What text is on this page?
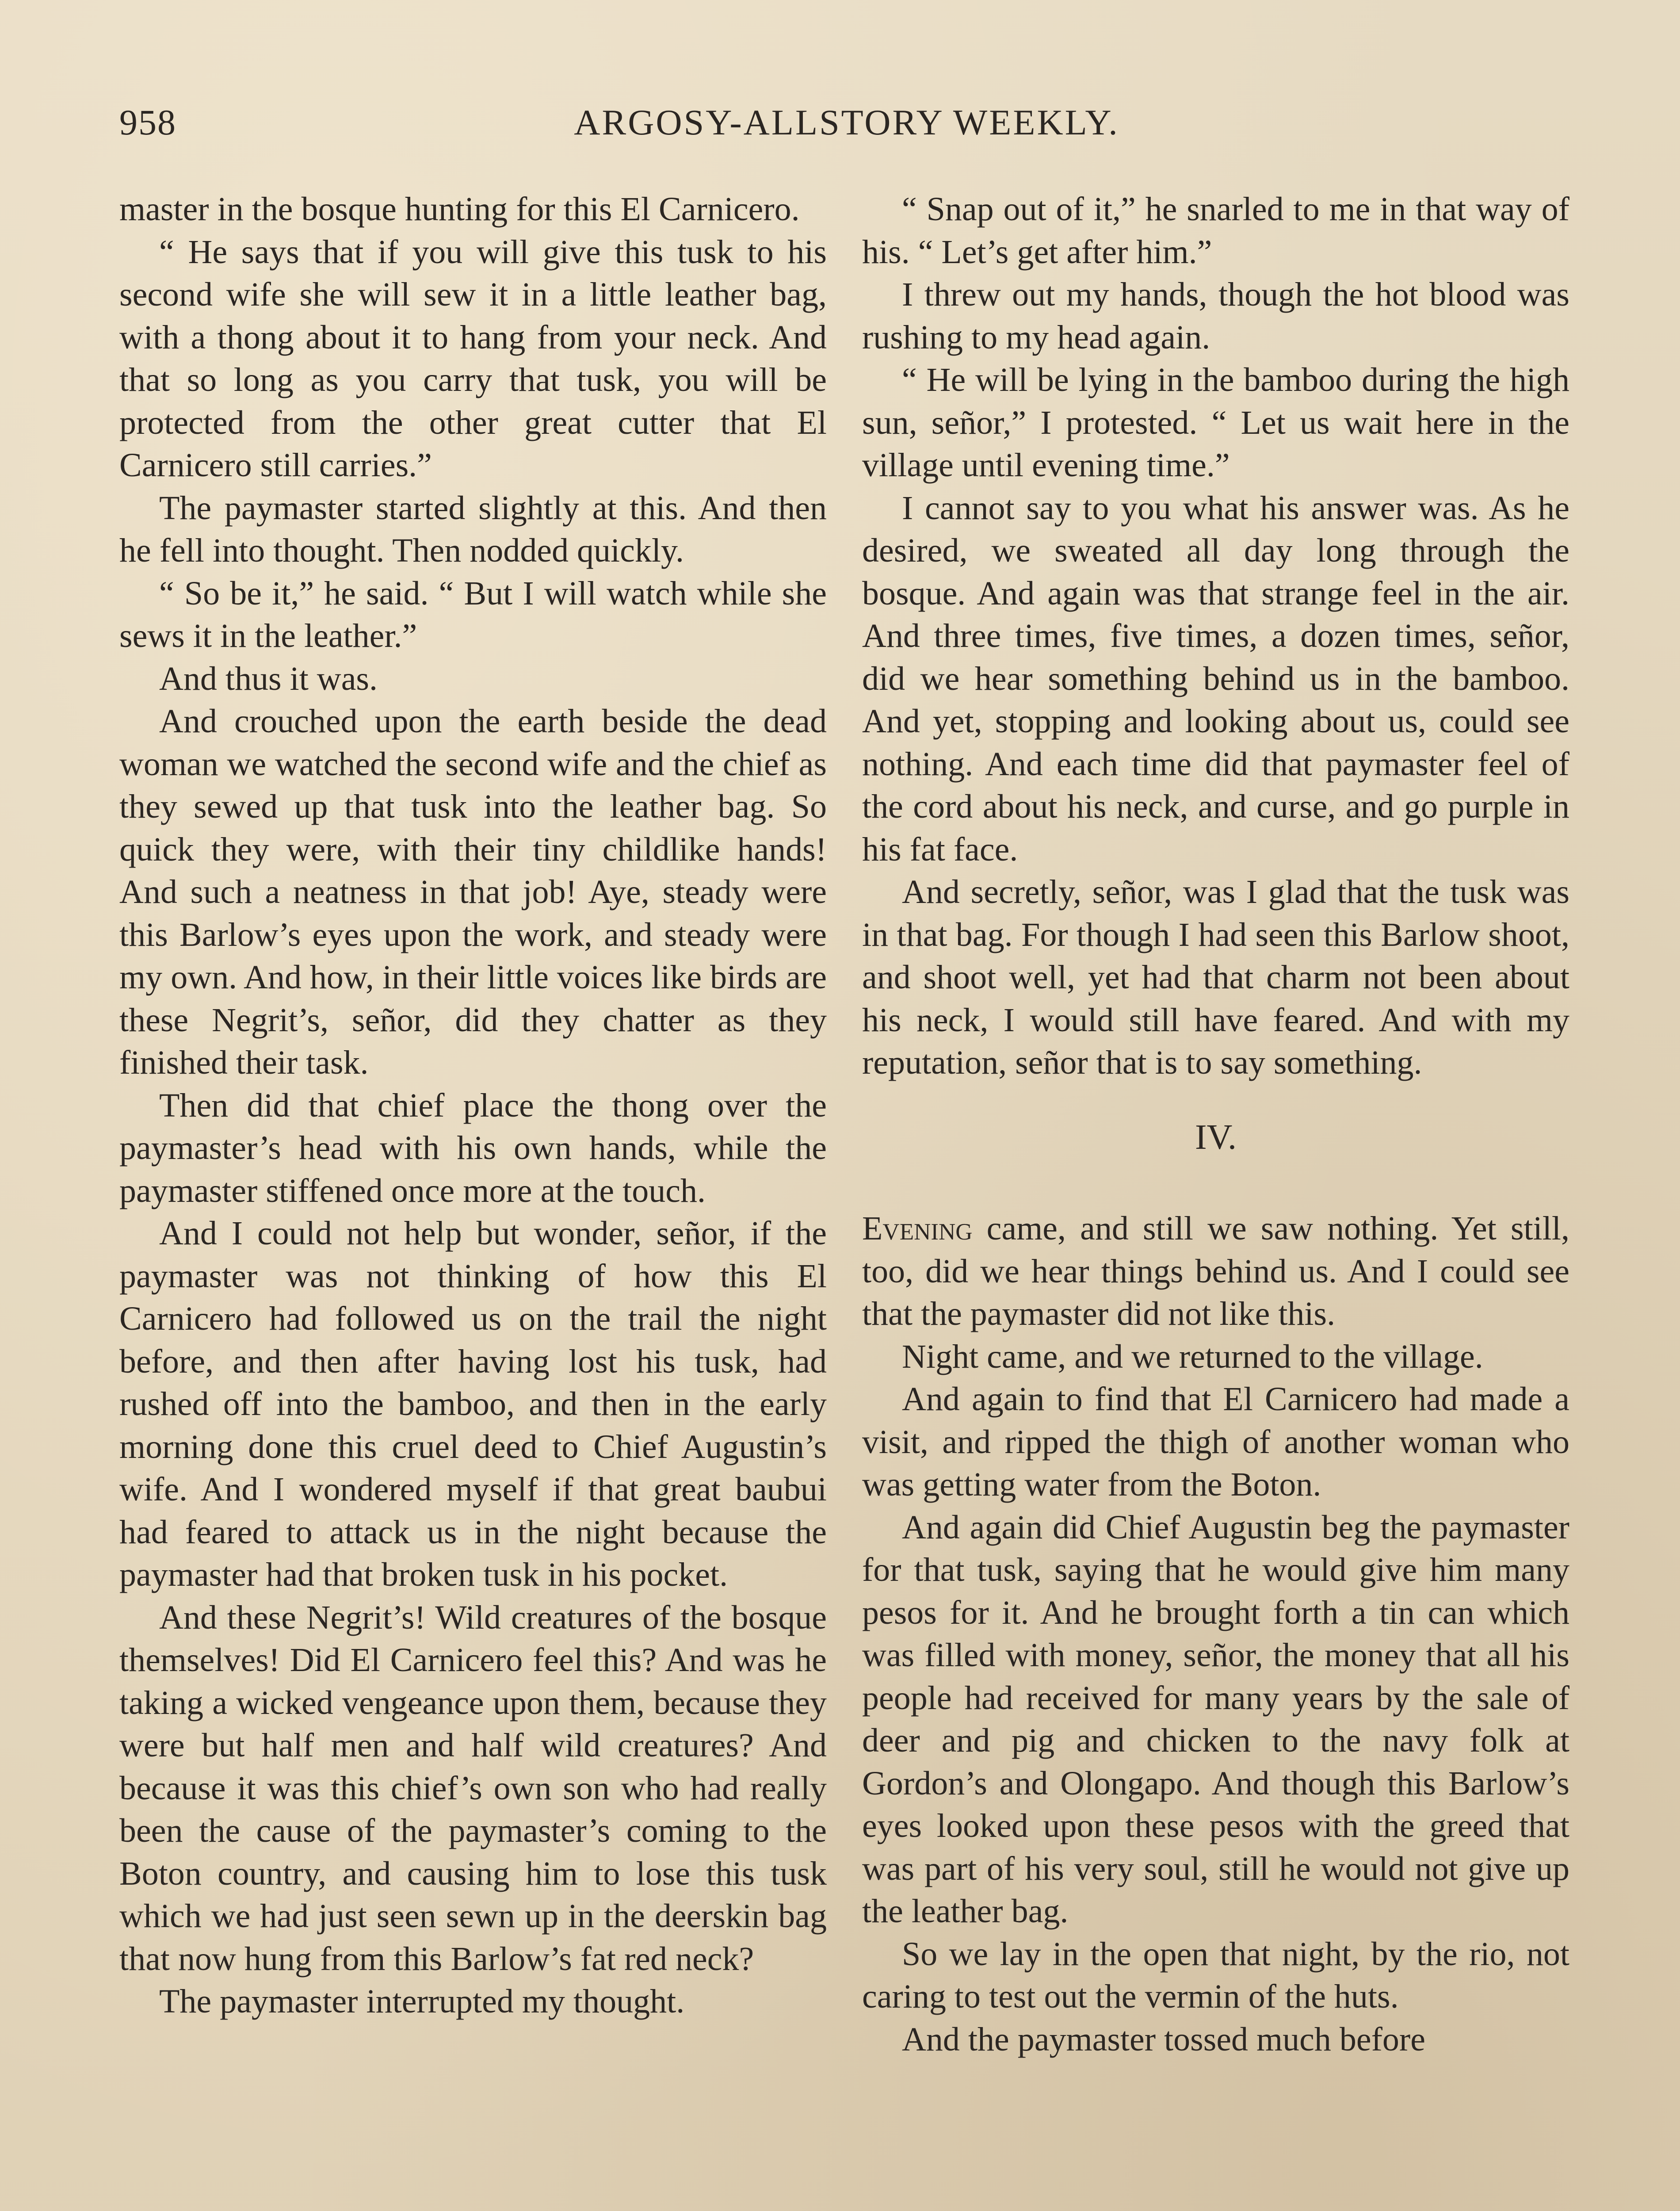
958	ARGOSY-ALLSTORY WEEKLY.

master in the bosque hunting for this El Carnicero.

“ He says that if you will give this tusk to his second wife she will sew it in a little leather bag, with a thong about it to hang from your neck. And that so long as you carry that tusk, you will be protected from the other great cutter that El Carnicero still carries.”

The paymaster started slightly at this. And then he fell into thought. Then nodded quickly.

“ So be it,” he said. “ But I will watch while she sews it in the leather.”

And thus it was.

And crouched upon the earth beside the dead woman we watched the second wife and the chief as they sewed up that tusk into the leather bag. So quick they were, with their tiny childlike hands! And such a neatness in that job! Aye, steady were this Barlow’s eyes upon the work, and steady were my own. And how, in their little voices like birds are these Negrit’s, señor, did they chatter as they finished their task.

Then did that chief place the thong over the paymaster’s head with his own hands, while the paymaster stiffened once more at the touch.

And I could not help but wonder, señor, if the paymaster was not thinking of how this El Carnicero had followed us on the trail the night before, and then after having lost his tusk, had rushed off into the bamboo, and then in the early morning done this cruel deed to Chief Augustin’s wife. And I wondered myself if that great baubui had feared to attack us in the night because the paymaster had that broken tusk in his pocket.

And these Negrit’s! Wild creatures of the bosque themselves! Did El Carnicero feel this? And was he taking a wicked vengeance upon them, because they were but half men and half wild creatures? And because it was this chief’s own son who had really been the cause of the paymaster’s coming to the Boton country, and causing him to lose this tusk which we had just seen sewn up in the deerskin bag that now hung from this Barlow’s fat red neck?

The paymaster interrupted my thought.

“ Snap out of it,” he snarled to me in that way of his. “ Let’s get after him.”

I threw out my hands, though the hot blood was rushing to my head again.

“ He will be lying in the bamboo during the high sun, señor,” I protested. “ Let us wait here in the village until evening time.”

I cannot say to you what his answer was. As he desired, we sweated all day long through the bosque. And again was that strange feel in the air. And three times, five times, a dozen times, señor, did we hear something behind us in the bamboo. And yet, stopping and looking about us, could see nothing. And each time did that paymaster feel of the cord about his neck, and curse, and go purple in his fat face.

And secretly, señor, was I glad that the tusk was in that bag. For though I had seen this Barlow shoot, and shoot well, yet had that charm not been about his neck, I would still have feared. And with my reputation, señor that is to say something.

IV.

Evening came, and still we saw nothing. Yet still, too, did we hear things behind us. And I could see that the paymaster did not like this.

Night came, and we returned to the village.

And again to find that El Carnicero had made a visit, and ripped the thigh of another woman who was getting water from the Boton.

And again did Chief Augustin beg the paymaster for that tusk, saying that he would give him many pesos for it. And he brought forth a tin can which was filled with money, señor, the money that all his people had received for many years by the sale of deer and pig and chicken to the navy folk at Gordon’s and Olongapo. And though this Barlow’s eyes looked upon these pesos with the greed that was part of his very soul, still he would not give up the leather bag.

So we lay in the open that night, by the rio, not caring to test out the vermin of the huts.

And the paymaster tossed much before
